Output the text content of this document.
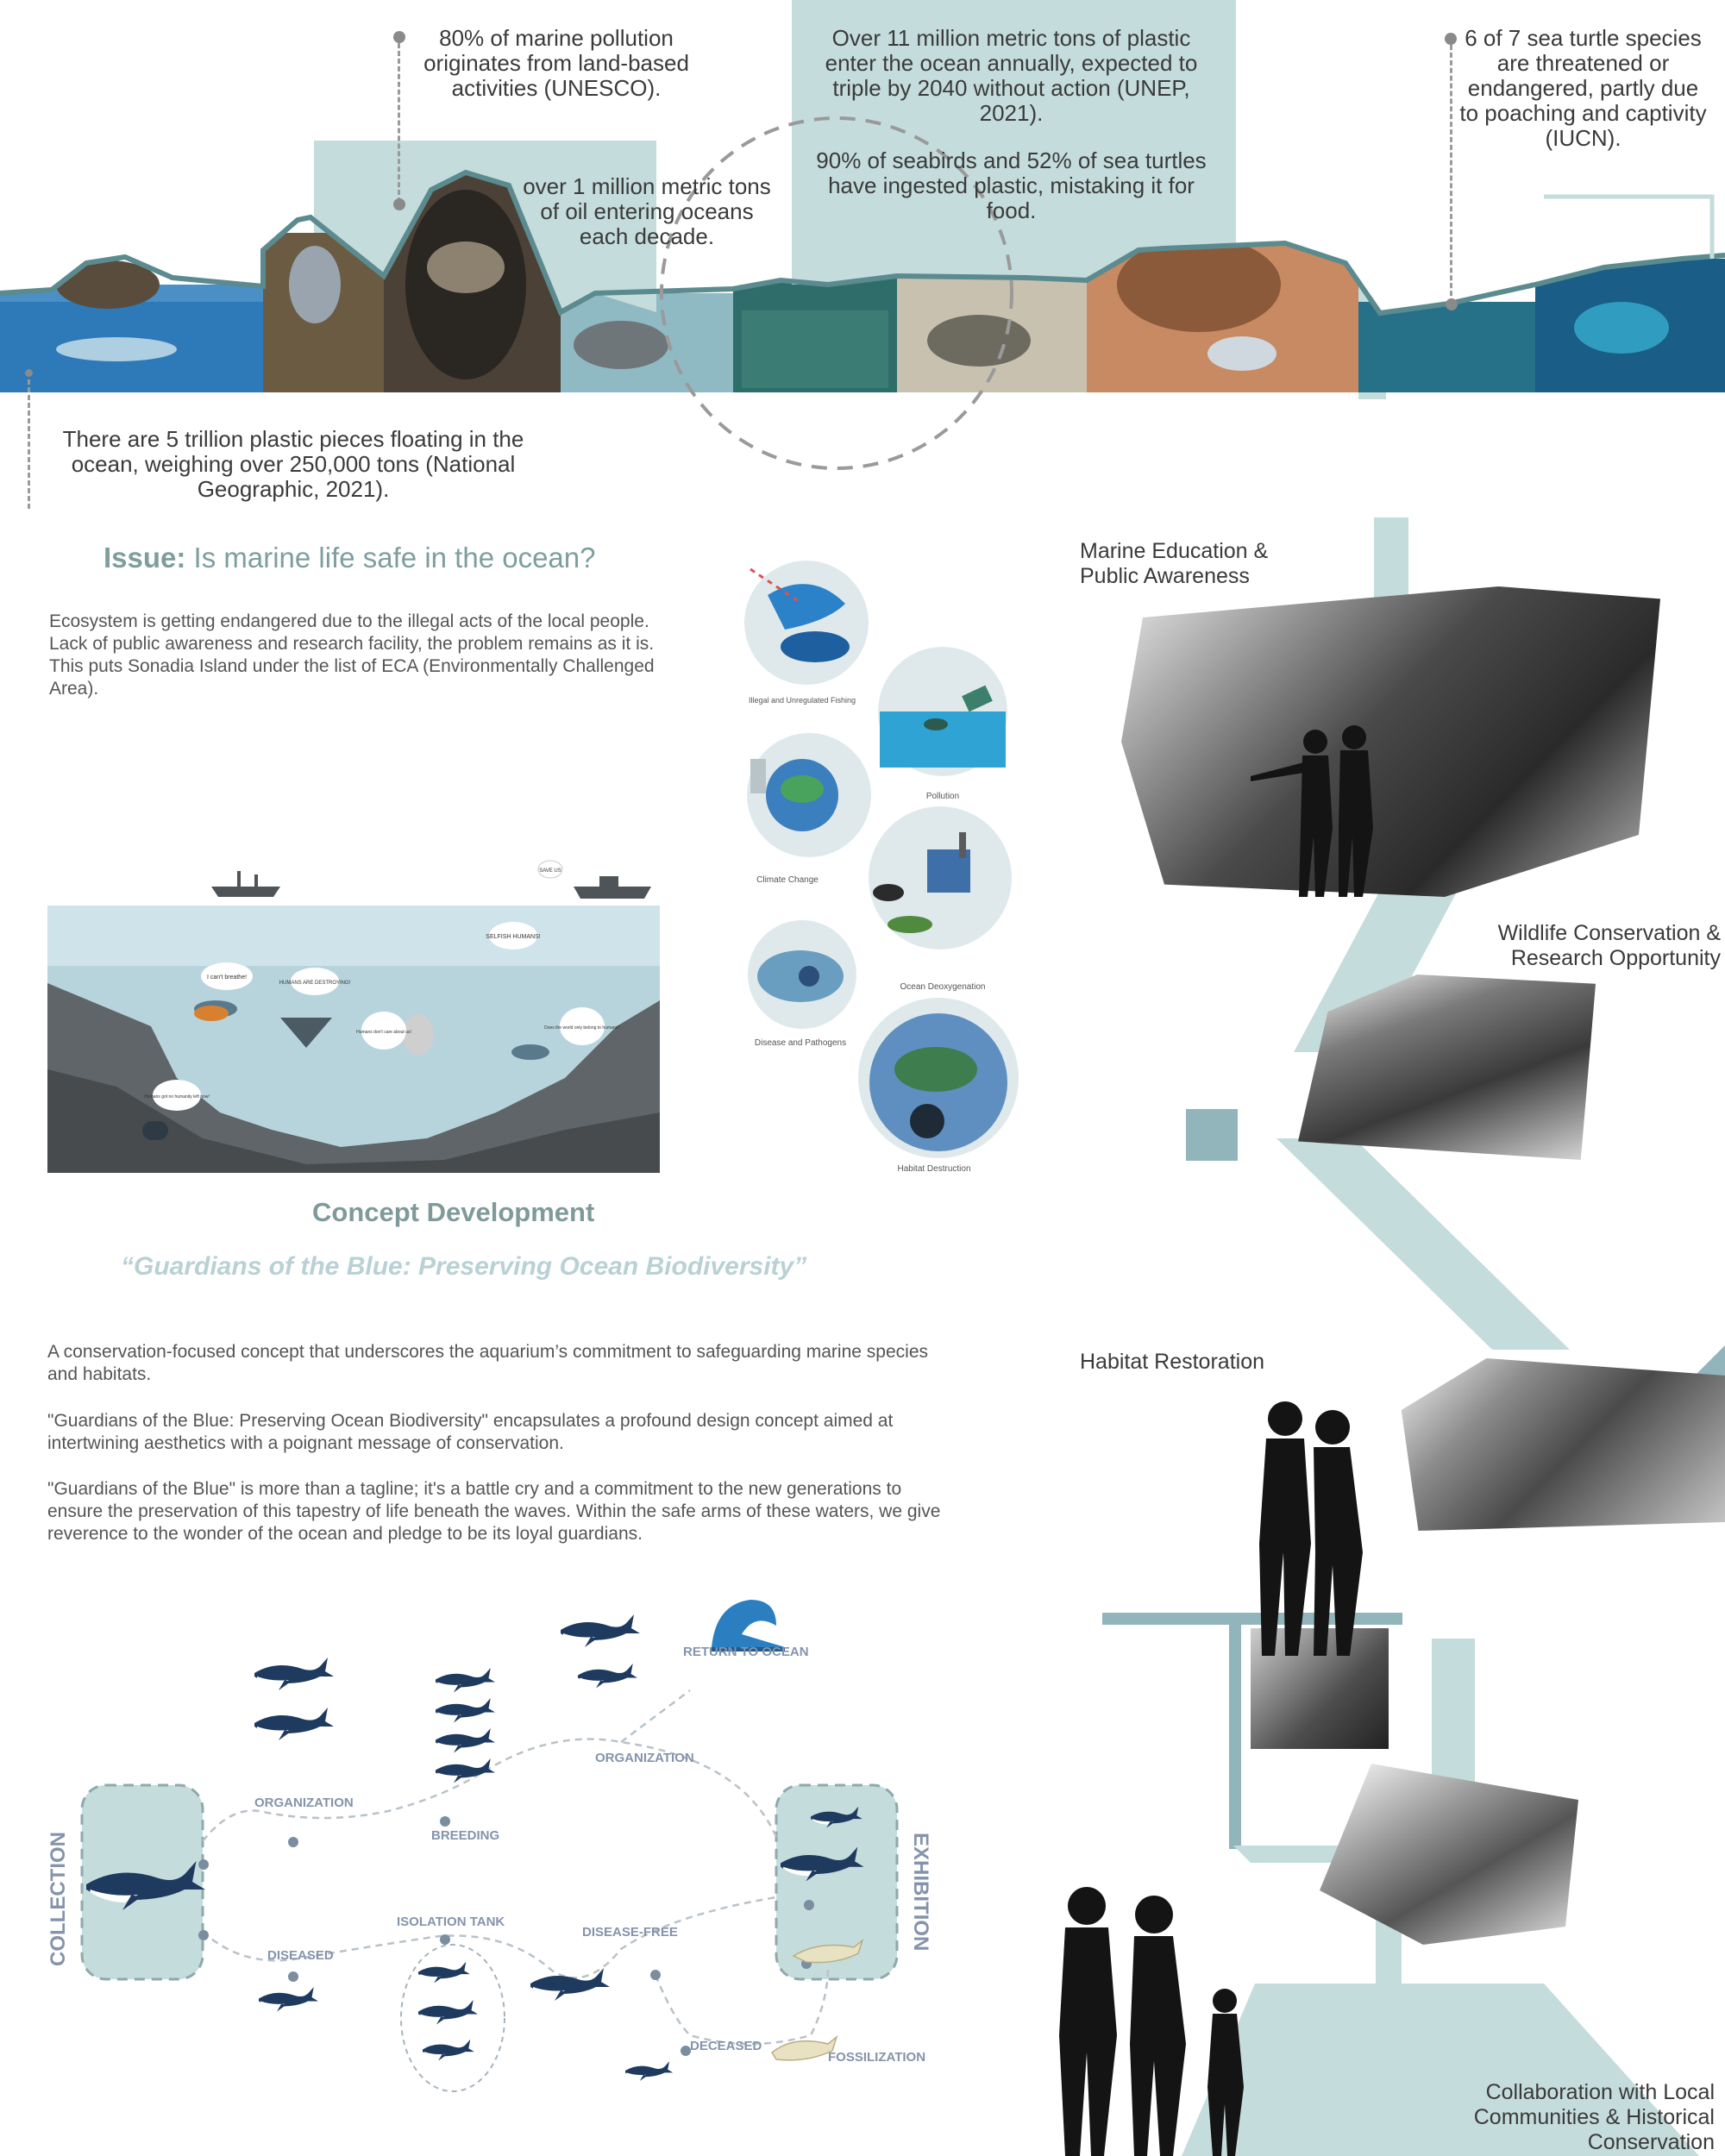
80% of marine pollution originates from land-based activities (UNESCO).
Over 11 million metric tons of plastic enter the ocean annually, expected to triple by 2040 without action (UNEP, 2021).
90% of seabirds and 52% of sea turtles have ingested plastic, mistaking it for food.
over 1 million metric tons of oil entering oceans each decade.
6 of 7 sea turtle species are threatened or endangered, partly due to poaching and captivity (IUCN).
There are 5 trillion plastic pieces floating in the ocean, weighing over 250,000 tons (National Geographic, 2021).
Issue: Is marine life safe in the ocean?
Ecosystem is getting endangered due to the illegal acts of the local people. Lack of public awareness and research facility, the problem remains as it is. This puts Sonadia Island under the list of ECA (Environmentally Challenged Area).
SELFISH HUMANS!
I can't breathe!
HUMANS ARE DESTROYING!
Humans don't care about us!
Does the world only belong to humans?
Humans got no humanity left now!
SAVE US
Illegal and Unregulated Fishing
Pollution
Climate Change
Disease and Pathogens
Ocean Deoxygenation
Habitat Destruction
Concept Development
“Guardians of the Blue: Preserving Ocean Biodiversity”
A conservation-focused concept that underscores the aquarium’s commitment to safeguarding marine species and habitats.
"Guardians of the Blue: Preserving Ocean Biodiversity" encapsulates a profound design concept aimed at intertwining aesthetics with a poignant message of conservation.
"Guardians of the Blue" is more than a tagline; it's a battle cry and a commitment to the new generations to ensure the preservation of this tapestry of life beneath the waves. Within the safe arms of these waters, we give reverence to the wonder of the ocean and pledge to be its loyal guardians.
COLLECTION	EXHIBITION
ORGANIZATION
BREEDING
ORGANIZATION
RETURN TO OCEAN
DISEASED
ISOLATION TANK
DISEASE-FREE
DECEASED
FOSSILIZATION
Marine Education & Public Awareness
Wildlife Conservation & Research Opportunity
Habitat Restoration
Collaboration with Local Communities & Historical Conservation
